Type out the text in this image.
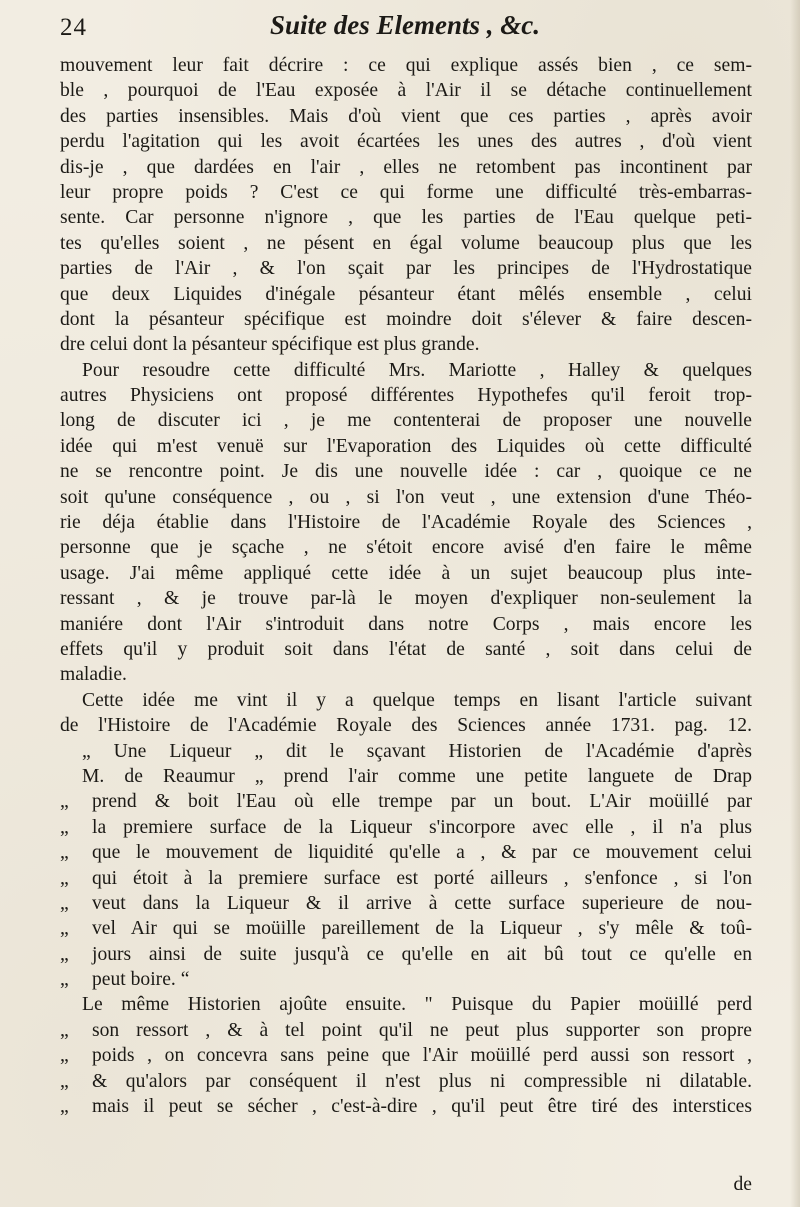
24	Suite des Elements , &c.
mouvement leur fait décrire : ce qui explique assés bien , ce sem-
ble , pourquoi de l'Eau exposée à l'Air il se détache continuellement
des parties insensibles. Mais d'où vient que ces parties , après avoir
perdu l'agitation qui les avoit écartées les unes des autres , d'où vient
dis-je , que dardées en l'air , elles ne retombent pas incontinent par
leur propre poids ? C'est ce qui forme une difficulté très-embarras-
sente. Car personne n'ignore , que les parties de l'Eau quelque peti-
tes qu'elles soient , ne pésent en égal volume beaucoup plus que les
parties de l'Air , & l'on sçait par les principes de l'Hydrostatique
que deux Liquides d'inégale pésanteur étant mêlés ensemble , celui
dont la pésanteur spécifique est moindre doit s'élever & faire descen-
dre celui dont la pésanteur spécifique est plus grande.
Pour resoudre cette difficulté Mrs. Mariotte , Halley & quelques
autres Physiciens ont proposé différentes Hypothefes qu'il feroit trop-
long de discuter ici , je me contenterai de proposer une nouvelle
idée qui m'est venuë sur l'Evaporation des Liquides où cette difficulté
ne se rencontre point. Je dis une nouvelle idée : car , quoique ce ne
soit qu'une conséquence , ou , si l'on veut , une extension d'une Théo-
rie déja établie dans l'Histoire de l'Académie Royale des Sciences ,
personne que je sçache , ne s'étoit encore avisé d'en faire le même
usage. J'ai même appliqué cette idée à un sujet beaucoup plus inte-
ressant , & je trouve par-là le moyen d'expliquer non-seulement la
maniére dont l'Air s'introduit dans notre Corps , mais encore les
effets qu'il y produit soit dans l'état de santé , soit dans celui de
maladie.
Cette idée me vint il y a quelque temps en lisant l'article suivant
de l'Histoire de l'Académie Royale des Sciences année 1731. pag. 12.
„ Une Liqueur „ dit le sçavant Historien de l'Académie d'après
M. de Reaumur „ prend l'air comme une petite languete de Drap
„ prend & boit l'Eau où elle trempe par un bout. L'Air moüillé par
„ la premiere surface de la Liqueur s'incorpore avec elle , il n'a plus
„ que le mouvement de liquidité qu'elle a , & par ce mouvement celui
„ qui étoit à la premiere surface est porté ailleurs , s'enfonce , si l'on
„ veut dans la Liqueur & il arrive à cette surface superieure de nou-
„ vel Air qui se moüille pareillement de la Liqueur , s'y mêle & toû-
„ jours ainsi de suite jusqu'à ce qu'elle en ait bû tout ce qu'elle en
„ peut boire. “
Le même Historien ajoûte ensuite. " Puisque du Papier moüillé perd
„ son ressort , & à tel point qu'il ne peut plus supporter son propre
„ poids , on concevra sans peine que l'Air moüillé perd aussi son ressort ,
„ & qu'alors par conséquent il n'est plus ni compressible ni dilatable.
„ mais il peut se sécher , c'est-à-dire , qu'il peut être tiré des interstices
de
